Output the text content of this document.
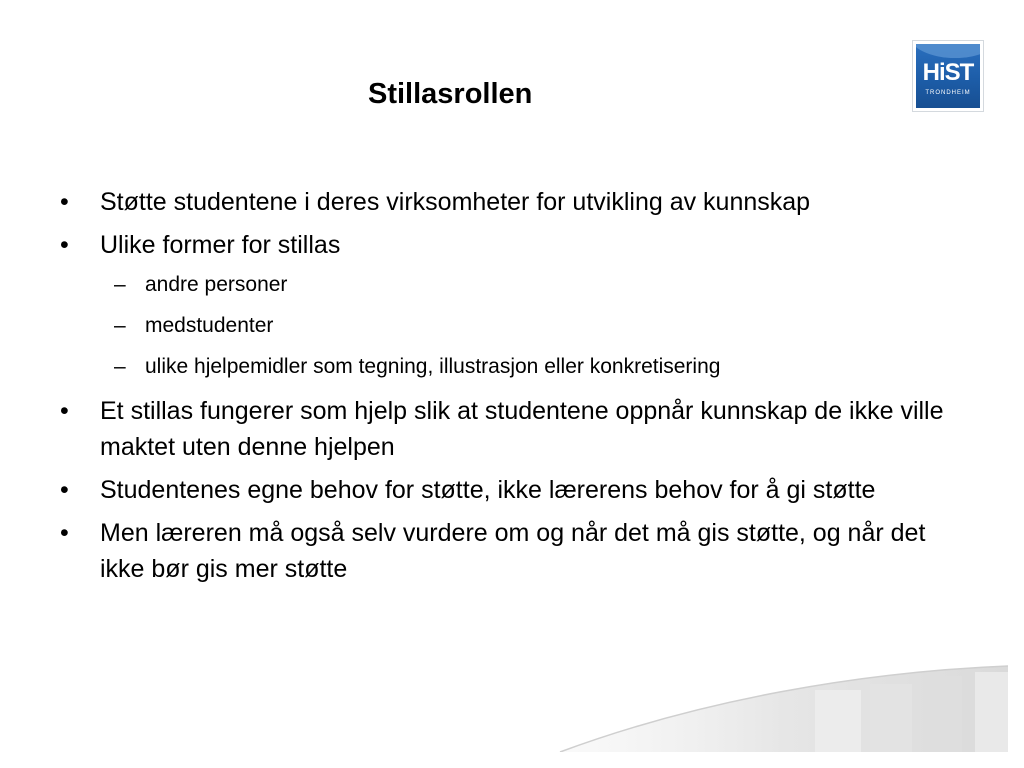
Stillasrollen
HiST
TRONDHEIM
• Støtte studentene i deres virksomheter for utvikling av kunnskap
• Ulike former for stillas
– andre personer
– medstudenter
– ulike hjelpemidler som tegning, illustrasjon eller konkretisering
• Et stillas fungerer som hjelp slik at studentene oppnår kunnskap de ikke ville maktet uten denne hjelpen
• Studentenes egne behov for støtte, ikke lærerens behov for å gi støtte
• Men læreren må også selv vurdere om og når det må gis støtte, og når det ikke bør gis mer støtte
